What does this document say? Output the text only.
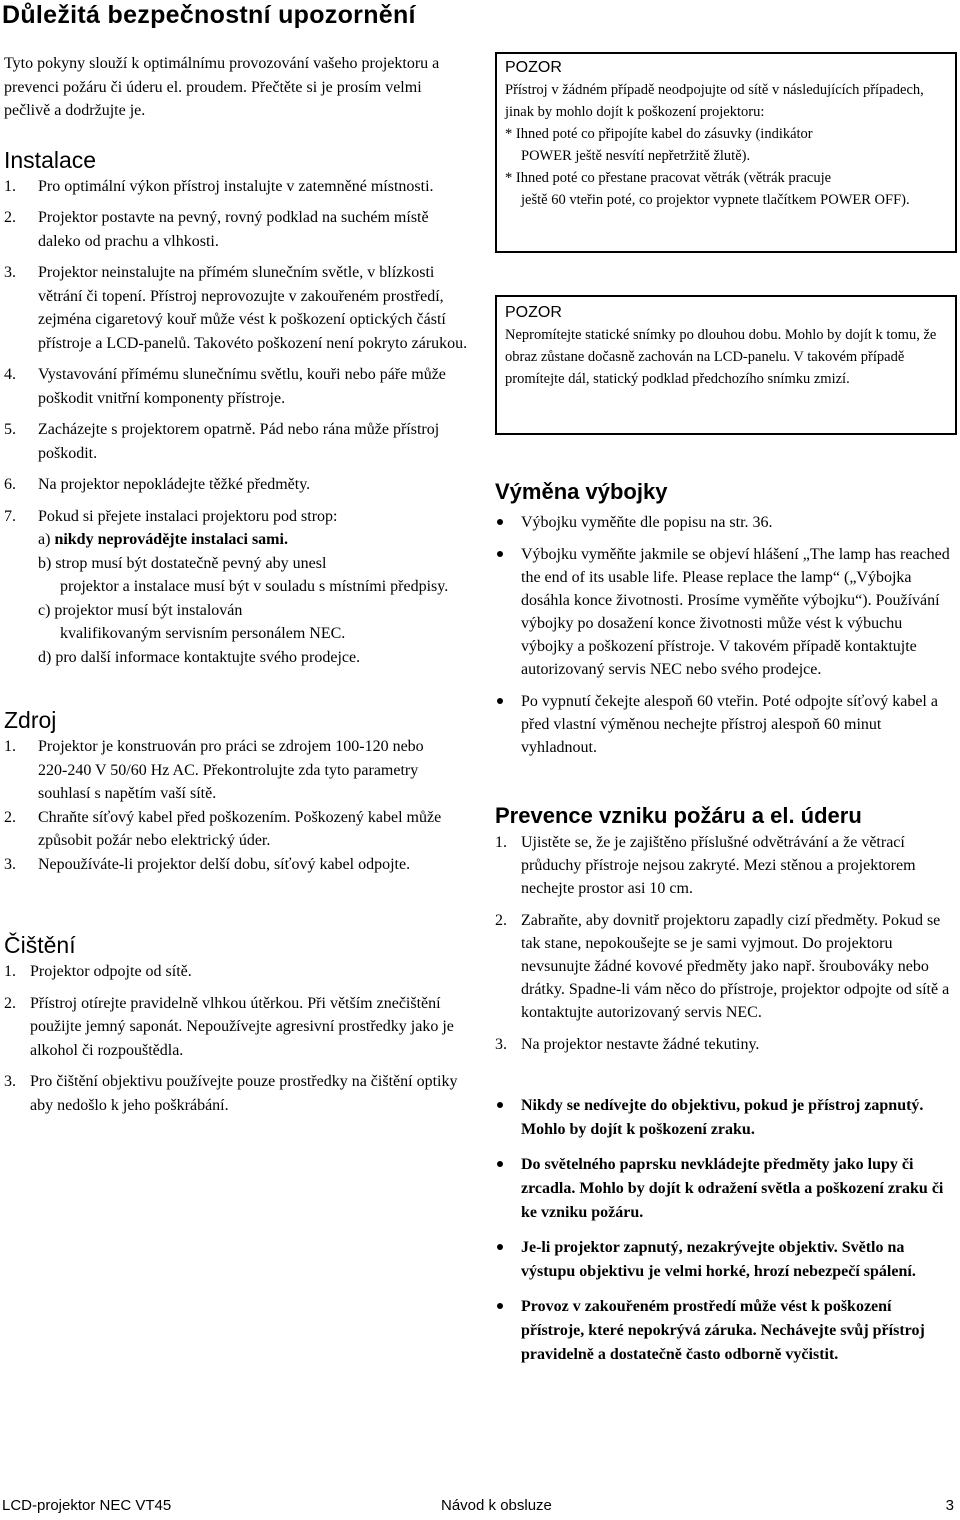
Důležitá bezpečnostní upozornění

Tyto pokyny slouží k optimálnímu provozování vašeho projektoru a prevenci požáru či úderu el. proudem. Přečtěte si je prosím velmi pečlivě a dodržujte je.

Instalace
1. Pro optimální výkon přístroj instalujte v zatemněné místnosti.
2. Projektor postavte na pevný, rovný podklad na suchém místě daleko od prachu a vlhkosti.
3. Projektor neinstalujte na přímém slunečním světle, v blízkosti větrání či topení. Přístroj neprovozujte v zakouřeném prostředí, zejména cigaretový kouř může vést k poškození optických částí přístroje a LCD-panelů. Takovéto poškození není pokryto zárukou.
4. Vystavování přímému slunečnímu světlu, kouři nebo páře může poškodit vnitřní komponenty přístroje.
5. Zacházejte s projektorem opatrně. Pád nebo rána může přístroj poškodit.
6. Na projektor nepokládejte těžké předměty.
7. Pokud si přejete instalaci projektoru pod strop:
a) nikdy neprovádějte instalaci sami.
b) strop musí být dostatečně pevný aby unesl
projektor a instalace musí být v souladu s místními předpisy.
c) projektor musí být instalován
kvalifikovaným servisním personálem NEC.
d) pro další informace kontaktujte svého prodejce.
Zdroj
1. Projektor je konstruován pro práci se zdrojem 100-120 nebo 220-240 V 50/60 Hz AC. Překontrolujte zda tyto parametry souhlasí s napětím vaší sítě.
2. Chraňte síťový kabel před poškozením. Poškozený kabel může způsobit požár nebo elektrický úder.
3. Nepoužíváte-li projektor delší dobu, síťový kabel odpojte.
Čištění
1. Projektor odpojte od sítě.
2. Přístroj otírejte pravidelně vlhkou útěrkou. Při větším znečištění použijte jemný saponát. Nepoužívejte agresivní prostředky jako je alkohol či rozpouštědla.
3. Pro čištění objektivu používejte pouze prostředky na čištění optiky aby nedošlo k jeho poškrábání.

POZOR

Přístroj v žádném případě neodpojujte od sítě v následujících případech, jinak by mohlo dojít k poškození projektoru:

* Ihned poté co připojíte kabel do zásuvky (indikátor
POWER ještě nesvítí nepřetržitě žlutě).

* Ihned poté co přestane pracovat větrák (větrák pracuje
ještě 60 vteřin poté, co projektor vypnete tlačítkem POWER OFF).

POZOR

Nepromítejte statické snímky po dlouhou dobu. Mohlo by dojít k tomu, že obraz zůstane dočasně zachován na LCD-panelu. V takovém případě promítejte dál, statický podklad předchozího snímku zmizí.

Výměna výbojky
Výbojku vyměňte dle popisu na str. 36.
Výbojku vyměňte jakmile se objeví hlášení „The lamp has reached the end of its usable life. Please replace the lamp“ („Výbojka dosáhla konce životnosti. Prosíme vyměňte výbojku“). Používání výbojky po dosažení konce životnosti může vést k výbuchu výbojky a poškození přístroje. V takovém případě kontaktujte autorizovaný servis NEC nebo svého prodejce.
Po vypnutí čekejte alespoň 60 vteřin. Poté odpojte síťový kabel a před vlastní výměnou nechejte přístroj alespoň 60 minut vyhladnout.
Prevence vzniku požáru a el. úderu
1. Ujistěte se, že je zajištěno příslušné odvětrávání a že větrací průduchy přístroje nejsou zakryté. Mezi stěnou a projektorem nechejte prostor asi 10 cm.
2. Zabraňte, aby dovnitř projektoru zapadly cizí předměty. Pokud se tak stane, nepokoušejte se je sami vyjmout. Do projektoru nevsunujte žádné kovové předměty jako např. šroubováky nebo drátky. Spadne-li vám něco do přístroje, projektor odpojte od sítě a kontaktujte autorizovaný servis NEC.
3. Na projektor nestavte žádné tekutiny.
Nikdy se nedívejte do objektivu, pokud je přístroj zapnutý. Mohlo by dojít k poškození zraku.
Do světelného paprsku nevkládejte předměty jako lupy či zrcadla. Mohlo by dojít k odražení světla a poškození zraku či ke vzniku požáru.
Je-li projektor zapnutý, nezakrývejte objektiv. Světlo na výstupu objektivu je velmi horké, hrozí nebezpečí spálení.
Provoz v zakouřeném prostředí může vést k poškození přístroje, které nepokrývá záruka. Nechávejte svůj přístroj pravidelně a dostatečně často odborně vyčistit.
LCD-projektor NEC VT45	Návod k obsluze	3
